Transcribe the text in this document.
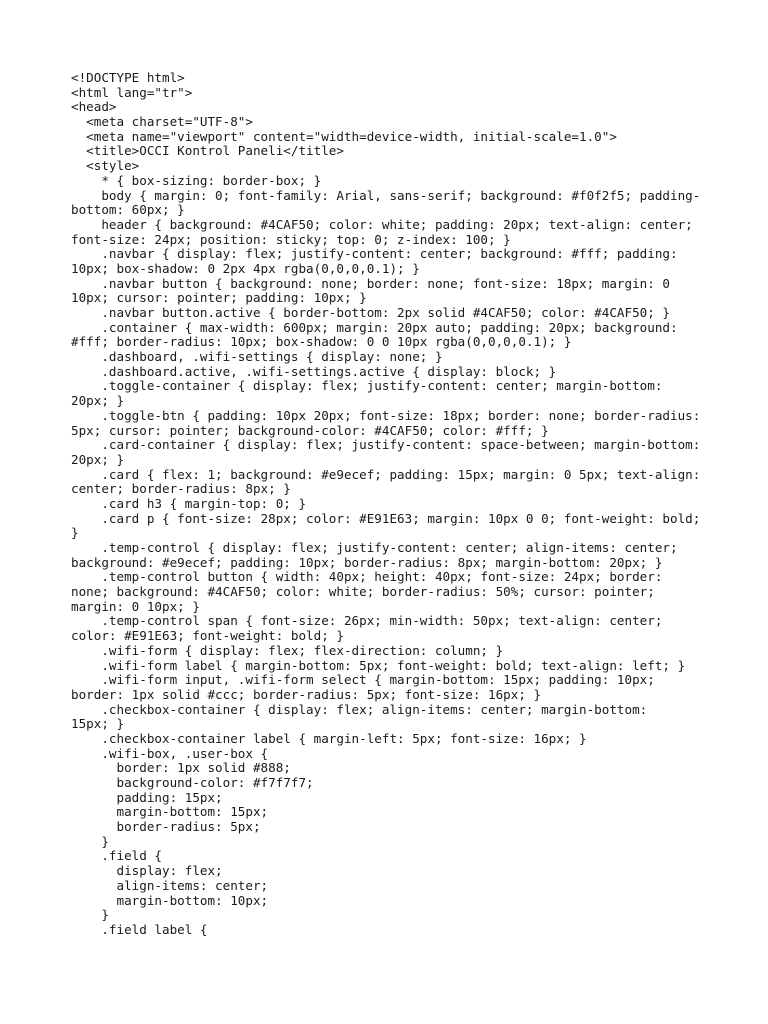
<!DOCTYPE html>
<html lang="tr">
<head>
<meta charset="UTF-8">
<meta name="viewport" content="width=device-width, initial-scale=1.0">
<title>OCCI Kontrol Paneli</title>
<style>
* { box-sizing: border-box; }
body { margin: 0; font-family: Arial, sans-serif; background: #f0f2f5; padding-
bottom: 60px; }
header { background: #4CAF50; color: white; padding: 20px; text-align: center;
font-size: 24px; position: sticky; top: 0; z-index: 100; }
.navbar { display: flex; justify-content: center; background: #fff; padding:
10px; box-shadow: 0 2px 4px rgba(0,0,0,0.1); }
.navbar button { background: none; border: none; font-size: 18px; margin: 0
10px; cursor: pointer; padding: 10px; }
.navbar button.active { border-bottom: 2px solid #4CAF50; color: #4CAF50; }
.container { max-width: 600px; margin: 20px auto; padding: 20px; background:
#fff; border-radius: 10px; box-shadow: 0 0 10px rgba(0,0,0,0.1); }
.dashboard, .wifi-settings { display: none; }
.dashboard.active, .wifi-settings.active { display: block; }
.toggle-container { display: flex; justify-content: center; margin-bottom:
20px; }
.toggle-btn { padding: 10px 20px; font-size: 18px; border: none; border-radius:
5px; cursor: pointer; background-color: #4CAF50; color: #fff; }
.card-container { display: flex; justify-content: space-between; margin-bottom:
20px; }
.card { flex: 1; background: #e9ecef; padding: 15px; margin: 0 5px; text-align:
center; border-radius: 8px; }
.card h3 { margin-top: 0; }
.card p { font-size: 28px; color: #E91E63; margin: 10px 0 0; font-weight: bold;
}
.temp-control { display: flex; justify-content: center; align-items: center;
background: #e9ecef; padding: 10px; border-radius: 8px; margin-bottom: 20px; }
.temp-control button { width: 40px; height: 40px; font-size: 24px; border:
none; background: #4CAF50; color: white; border-radius: 50%; cursor: pointer;
margin: 0 10px; }
.temp-control span { font-size: 26px; min-width: 50px; text-align: center;
color: #E91E63; font-weight: bold; }
.wifi-form { display: flex; flex-direction: column; }
.wifi-form label { margin-bottom: 5px; font-weight: bold; text-align: left; }
.wifi-form input, .wifi-form select { margin-bottom: 15px; padding: 10px;
border: 1px solid #ccc; border-radius: 5px; font-size: 16px; }
.checkbox-container { display: flex; align-items: center; margin-bottom:
15px; }
.checkbox-container label { margin-left: 5px; font-size: 16px; }
.wifi-box, .user-box {
border: 1px solid #888;
background-color: #f7f7f7;
padding: 15px;
margin-bottom: 15px;
border-radius: 5px;
}
.field {
display: flex;
align-items: center;
margin-bottom: 10px;
}
.field label {
